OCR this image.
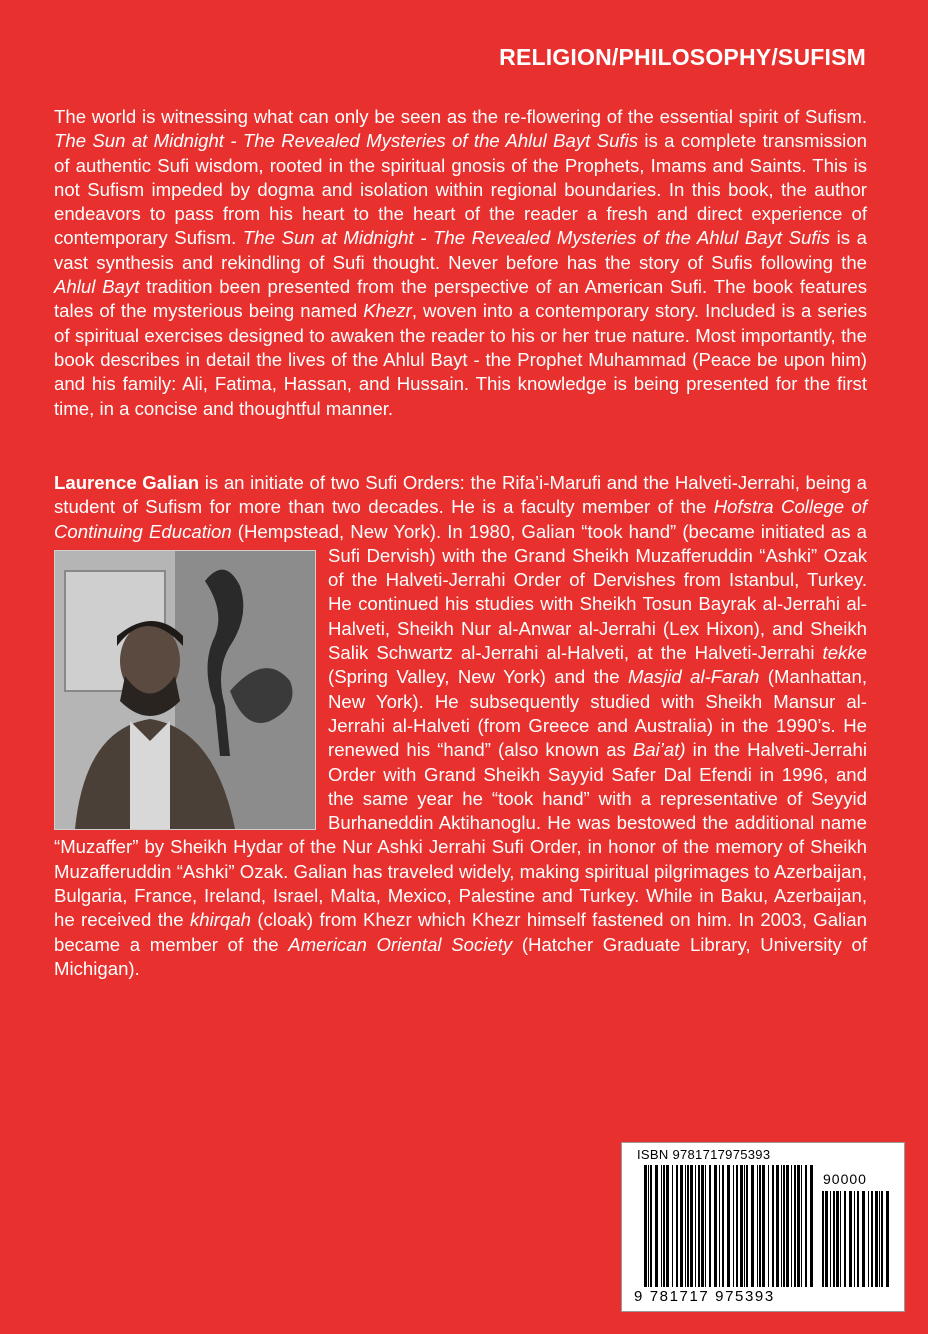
RELIGION/PHILOSOPHY/SUFISM

The world is witnessing what can only be seen as the re-flowering of the essential spirit of Sufism. The Sun at Midnight - The Revealed Mysteries of the Ahlul Bayt Sufis is a complete transmission of authentic Sufi wisdom, rooted in the spiritual gnosis of the Prophets, Imams and Saints. This is not Sufism impeded by dogma and isolation within regional boundaries. In this book, the author endeavors to pass from his heart to the heart of the reader a fresh and direct experience of contemporary Sufism. The Sun at Midnight - The Revealed Mysteries of the Ahlul Bayt Sufis is a vast synthesis and rekindling of Sufi thought. Never before has the story of Sufis following the Ahlul Bayt tradition been presented from the perspective of an American Sufi. The book features tales of the mysterious being named Khezr, woven into a contemporary story. Included is a series of spiritual exercises designed to awaken the reader to his or her true nature. Most importantly, the book describes in detail the lives of the Ahlul Bayt - the Prophet Muhammad (Peace be upon him) and his family: Ali, Fatima, Hassan, and Hussain. This knowledge is being presented for the first time, in a concise and thoughtful manner.

Laurence Galian is an initiate of two Sufi Orders: the Rifa’i-Marufi and the Halveti-Jerrahi, being a student of Sufism for more than two decades. He is a faculty member of the Hofstra College of Continuing Education (Hempstead, New York). In 1980, Galian “took hand” (became initiated as a Sufi Dervish) with the Grand Sheikh
Muzafferuddin “Ashki” Ozak of the Halveti-Jerrahi Order of Dervishes from Istanbul, Turkey. He continued his studies with Sheikh Tosun Bayrak al-Jerrahi al-Halveti, Sheikh Nur al-Anwar al-Jerrahi (Lex Hixon), and Sheikh Salik Schwartz al-Jerrahi al-Halveti, at the Halveti-Jerrahi tekke (Spring Valley, New York) and the Masjid al-Farah (Manhattan, New York). He subsequently studied with Sheikh Mansur al-Jerrahi al-Halveti (from Greece and Australia) in the 1990’s. He renewed his “hand” (also known as Bai’at) in the Halveti-Jerrahi Order with Grand Sheikh Sayyid Safer Dal Efendi in 1996, and the same year he “took hand” with a representative of Seyyid Burhaneddin Aktihanoglu. He was bestowed the additional name “Muzaffer” by Sheikh Hydar of the Nur Ashki Jerrahi Sufi Order, in honor of the memory of Sheikh Muzafferuddin “Ashki” Ozak. Galian has traveled widely, making spiritual pilgrimages to Azerbaijan, Bulgaria, France, Ireland, Israel, Malta, Mexico, Palestine and Turkey. While in Baku, Azerbaijan, he received the khirqah (cloak) from Khezr which Khezr himself fastened on him. In 2003, Galian became a member of the American Oriental Society (Hatcher Graduate Library, University of Michigan).

ISBN 9781717975393
90000
9 781717 975393
